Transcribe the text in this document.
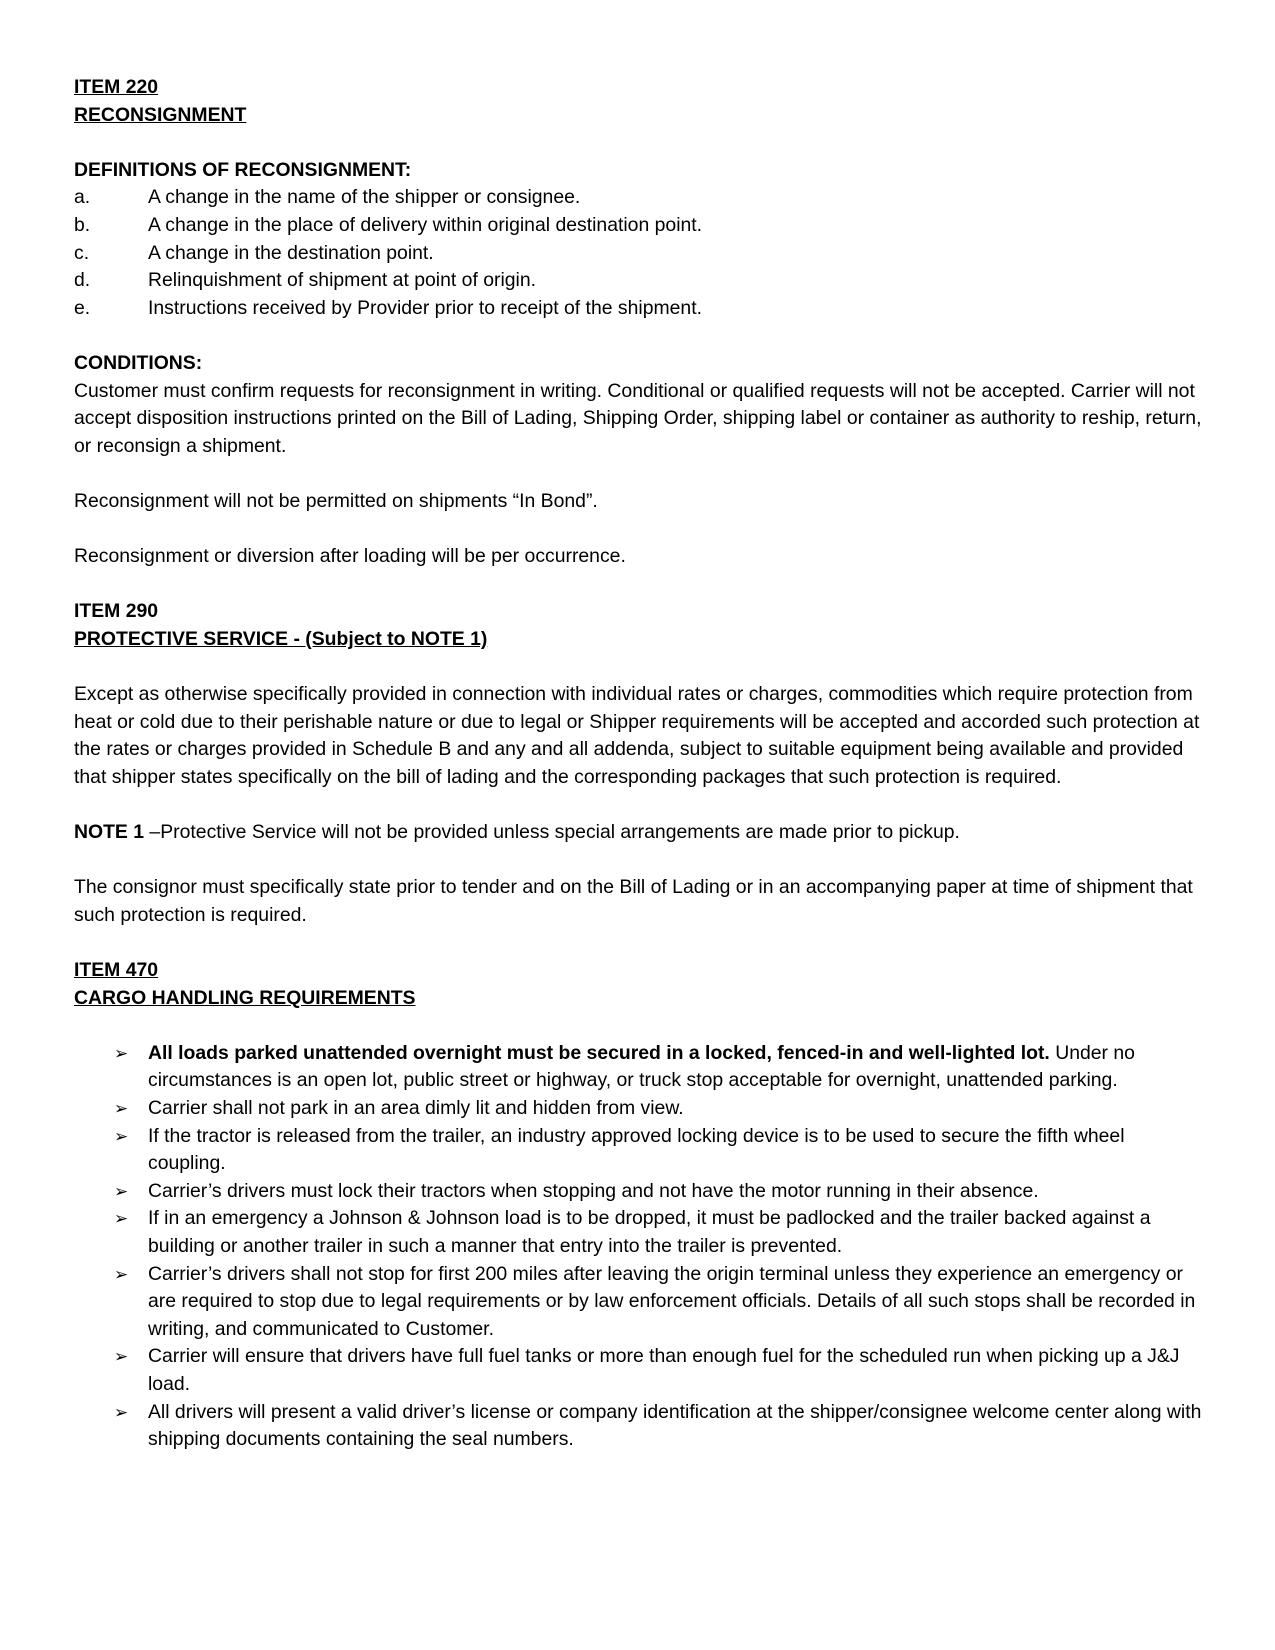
ITEM 220

RECONSIGNMENT

DEFINITIONS OF RECONSIGNMENT:

a.	A change in the name of the shipper or consignee.
b.	A change in the place of delivery within original destination point.
c.	A change in the destination point.
d.	Relinquishment of shipment at point of origin.
e.	Instructions received by Provider prior to receipt of the shipment.

CONDITIONS:

Customer must confirm requests for reconsignment in writing. Conditional or qualified requests will not be accepted. Carrier will not accept disposition instructions printed on the Bill of Lading, Shipping Order, shipping label or container as authority to reship, return, or reconsign a shipment.

Reconsignment will not be permitted on shipments “In Bond”.

Reconsignment or diversion after loading will be per occurrence.

ITEM 290

PROTECTIVE SERVICE - (Subject to NOTE 1)

Except as otherwise specifically provided in connection with individual rates or charges, commodities which require protection from heat or cold due to their perishable nature or due to legal or Shipper requirements will be accepted and accorded such protection at the rates or charges provided in Schedule B and any and all addenda, subject to suitable equipment being available and provided that shipper states specifically on the bill of lading and the corresponding packages that such protection is required.

NOTE 1 –Protective Service will not be provided unless special arrangements are made prior to pickup.

The consignor must specifically state prior to tender and on the Bill of Lading or in an accompanying paper at time of shipment that such protection is required.

ITEM 470

CARGO HANDLING REQUIREMENTS

➢	All loads parked unattended overnight must be secured in a locked, fenced-in and well-lighted lot. Under no circumstances is an open lot, public street or highway, or truck stop acceptable for overnight, unattended parking.
➢	Carrier shall not park in an area dimly lit and hidden from view.
➢	If the tractor is released from the trailer, an industry approved locking device is to be used to secure the fifth wheel coupling.
➢	Carrier’s drivers must lock their tractors when stopping and not have the motor running in their absence.
➢	If in an emergency a Johnson & Johnson load is to be dropped, it must be padlocked and the trailer backed against a building or another trailer in such a manner that entry into the trailer is prevented.
➢	Carrier’s drivers shall not stop for first 200 miles after leaving the origin terminal unless they experience an emergency or are required to stop due to legal requirements or by law enforcement officials. Details of all such stops shall be recorded in writing, and communicated to Customer.
➢	Carrier will ensure that drivers have full fuel tanks or more than enough fuel for the scheduled run when picking up a J&J load.
➢	All drivers will present a valid driver’s license or company identification at the shipper/consignee welcome center along with shipping documents containing the seal numbers.
